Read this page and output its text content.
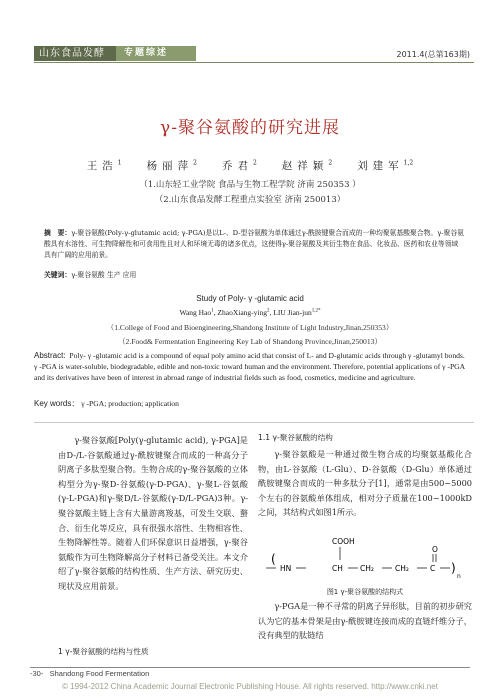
山东食品发酵	专题综述	2011.4(总第163期)
γ-聚谷氨酸的研究进展
王浩$^1$ 杨丽萍$^2$ 乔君$^2$ 赵祥颖$^2$ 刘建军$^{1,2}$
（1.山东轻工业学院 食品与生物工程学院 济南 250353 ）
（2.山东食品发酵工程重点实验室 济南 250013）
摘　要：γ-聚谷氨酸(Poly-γ-glutamic acid; γ-PGA)是以L-、D-型谷氨酸为单体通过γ-酰胺键聚合而成的一种均聚氨基酸聚合物。γ-聚谷氨酸具有水溶性、可生物降解性和可食用性且对人和环境无毒的诸多优点，这使得γ-聚谷氨酸及其衍生物在食品、化妆品、医药和农业等领域具有广阔的应用前景。
关键词：γ-聚谷氨酸 生产 应用
Study of Poly- γ -glutamic acid
Wang Hao$^1$, ZhaoXiang-ying$^2$, LIU Jian-jun$^{1,2*}$
（1.College of Food and Bioengineering,Shandong Institute of Light Industry,Jinan,250353）
（2.Food& Fermentation Engineering Key Lab of Shandong Province,Jinan,250013）
Abstract: Poly- γ -glutamic acid is a compound of equal poly amino acid that consist of L- and D-glutamic acids through γ -glutamyl bonds. γ -PGA is water-soluble, biodegradable, edible and non-toxic toward human and the environment. Therefore, potential applications of γ -PGA and its derivatives have been of interest in abroad range of industrial fields such as food, cosmetics, medicine and agriculture.
Key words： γ -PGA; production; application
  γ-聚谷氨酸[Poly(γ-glutamic acid), γ-PGA]是由D-/L-谷氨酸通过γ-酰胺键聚合而成的一种高分子阴离子多肽型聚合物。生物合成的γ-聚谷氨酸的立体构型分为γ-聚D-谷氨酸(γ-D-PGA)、γ-聚L-谷氨酸(γ-L-PGA)和γ-聚D/L-谷氨酸(γ-D/L-PGA)3种。γ-聚谷氨酸主链上含有大量游离羧基，可发生交联、螯合、衍生化等反应，具有很强水溶性、生物相容性、生物降解性等。随着人们环保意识日益增强，γ-聚谷氨酸作为可生物降解高分子材料已备受关注。本文介绍了γ-聚谷氨酸的结构性质、生产方法、研究历史、现状及应用前景。
1 γ-聚谷氨酸的结构与性质
1.1 γ-聚谷氨酸的结构
  γ-聚谷氨酸是一种通过微生物合成的均聚氨基酸化合物，由L-谷氨酸（L-Glu）、D-谷氨酸（D-Glu）单体通过酰胺键聚合而成的一种多肽分子[1]，通常是由500~5000个左右的谷氨酸单体组成，相对分子质量在100~1000kD之间，其结构式如图1所示。
COOH
O
(
HN	CH CH₂	CH₂	C )
n
图1 γ-聚谷氨酸的结构式
  γ-PGA是一种不寻常的阴离子异形肽，目前的初步研究认为它的基本骨架是由γ-酰胺键连接而成的直链纤维分子，没有典型的肽链结
-30- Shandong Food Fermentation
© 1994-2012 China Academic Journal Electronic Publishing House. All rights reserved. http://www.cnki.net
